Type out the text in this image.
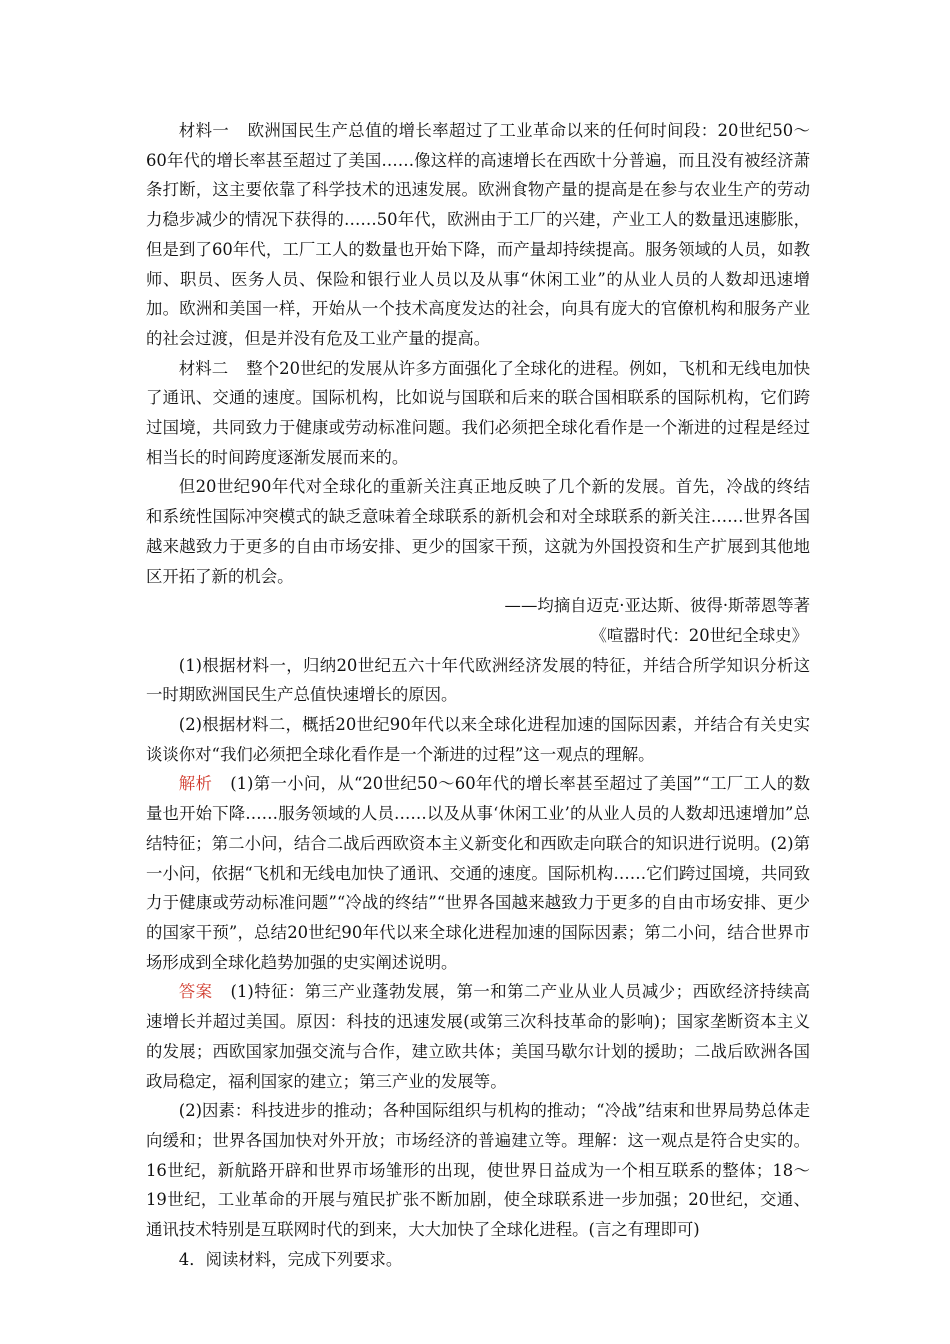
材料一 欧洲国民生产总值的增长率超过了工业革命以来的任何时间段：20世纪50～60年代的增长率甚至超过了美国……像这样的高速增长在西欧十分普遍，而且没有被经济萧条打断，这主要依靠了科学技术的迅速发展。欧洲食物产量的提高是在参与农业生产的劳动力稳步减少的情况下获得的……50年代，欧洲由于工厂的兴建，产业工人的数量迅速膨胀，但是到了60年代，工厂工人的数量也开始下降，而产量却持续提高。服务领域的人员，如教师、职员、医务人员、保险和银行业人员以及从事“休闲工业”的从业人员的人数却迅速增加。欧洲和美国一样，开始从一个技术高度发达的社会，向具有庞大的官僚机构和服务产业的社会过渡，但是并没有危及工业产量的提高。

材料二 整个20世纪的发展从许多方面强化了全球化的进程。例如，飞机和无线电加快了通讯、交通的速度。国际机构，比如说与国联和后来的联合国相联系的国际机构，它们跨过国境，共同致力于健康或劳动标准问题。我们必须把全球化看作是一个渐进的过程是经过相当长的时间跨度逐渐发展而来的。

但20世纪90年代对全球化的重新关注真正地反映了几个新的发展。首先，冷战的终结和系统性国际冲突模式的缺乏意味着全球联系的新机会和对全球联系的新关注……世界各国越来越致力于更多的自由市场安排、更少的国家干预，这就为外国投资和生产扩展到其他地区开拓了新的机会。

——均摘自迈克·亚达斯、彼得·斯蒂恩等著

《喧嚣时代：20世纪全球史》

(1)根据材料一，归纳20世纪五六十年代欧洲经济发展的特征，并结合所学知识分析这一时期欧洲国民生产总值快速增长的原因。

(2)根据材料二，概括20世纪90年代以来全球化进程加速的国际因素，并结合有关史实谈谈你对“我们必须把全球化看作是一个渐进的过程”这一观点的理解。

解析 (1)第一小问，从“20世纪50～60年代的增长率甚至超过了美国”“工厂工人的数量也开始下降……服务领域的人员……以及从事‘休闲工业’的从业人员的人数却迅速增加”总结特征；第二小问，结合二战后西欧资本主义新变化和西欧走向联合的知识进行说明。(2)第一小问，依据“飞机和无线电加快了通讯、交通的速度。国际机构……它们跨过国境，共同致力于健康或劳动标准问题”“冷战的终结”“世界各国越来越致力于更多的自由市场安排、更少的国家干预”，总结20世纪90年代以来全球化进程加速的国际因素；第二小问，结合世界市场形成到全球化趋势加强的史实阐述说明。

答案 (1)特征：第三产业蓬勃发展，第一和第二产业从业人员减少；西欧经济持续高速增长并超过美国。原因：科技的迅速发展(或第三次科技革命的影响)；国家垄断资本主义的发展；西欧国家加强交流与合作，建立欧共体；美国马歇尔计划的援助；二战后欧洲各国政局稳定，福利国家的建立；第三产业的发展等。

(2)因素：科技进步的推动；各种国际组织与机构的推动；“冷战”结束和世界局势总体走向缓和；世界各国加快对外开放；市场经济的普遍建立等。理解：这一观点是符合史实的。16世纪，新航路开辟和世界市场雏形的出现，使世界日益成为一个相互联系的整体；18～19世纪，工业革命的开展与殖民扩张不断加剧，使全球联系进一步加强；20世纪，交通、通讯技术特别是互联网时代的到来，大大加快了全球化进程。(言之有理即可)

4．阅读材料，完成下列要求。
